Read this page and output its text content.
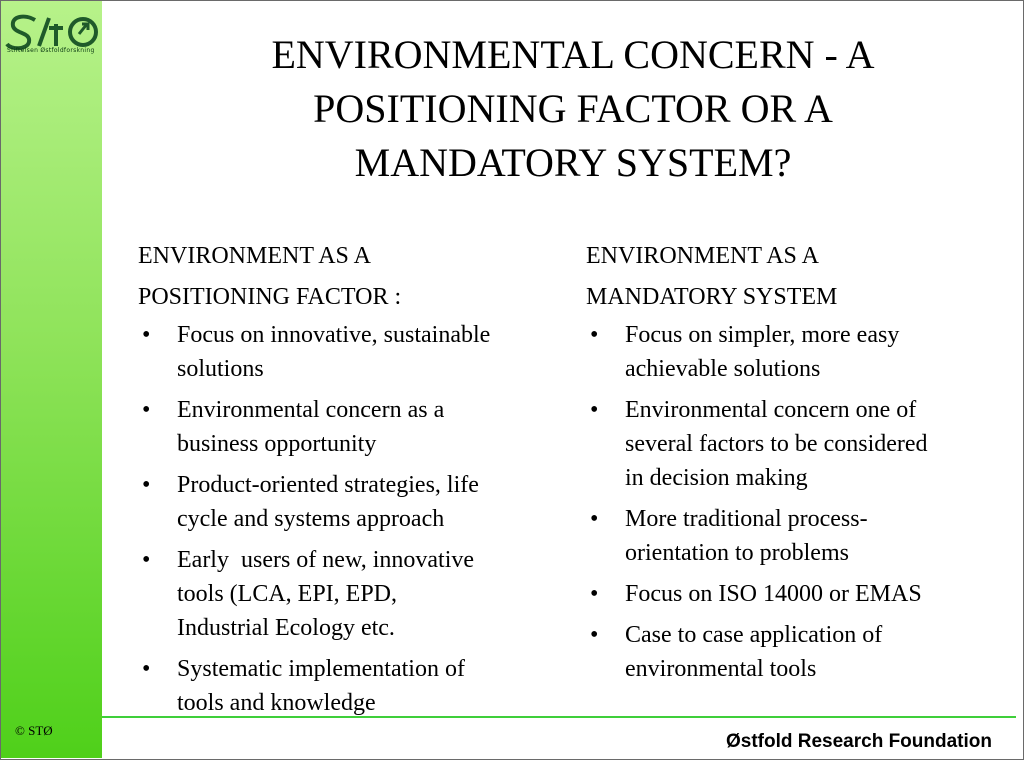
Stiftelsen Østfoldforskning
© STØ
ENVIRONMENTAL CONCERN - A
POSITIONING FACTOR OR A
MANDATORY SYSTEM?
ENVIRONMENT AS A
POSITIONING FACTOR :
• Focus on innovative, sustainable
solutions
• Environmental concern as a
business opportunity
• Product-oriented strategies, life
cycle and systems approach
• Early  users of new, innovative
tools (LCA, EPI, EPD,
Industrial Ecology etc.
• Systematic implementation of
tools and knowledge
ENVIRONMENT AS A
MANDATORY SYSTEM
• Focus on simpler, more easy
achievable solutions
• Environmental concern one of
several factors to be considered
in decision making
• More traditional process-
orientation to problems
• Focus on ISO 14000 or EMAS
• Case to case application of
environmental tools
Østfold Research Foundation
